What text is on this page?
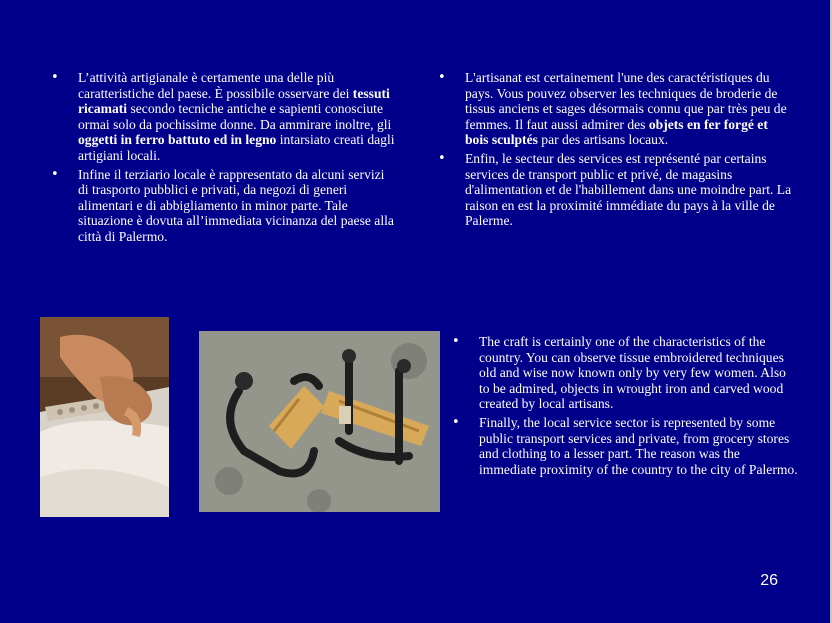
• L’attività artigianale è certamente una delle più caratteristiche del paese. È possibile osservare dei tessuti ricamati secondo tecniche antiche e sapienti conosciute ormai solo da pochissime donne. Da ammirare inoltre, gli oggetti in ferro battuto ed in legno intarsiato creati dagli artigiani locali.
• Infine il terziario locale è rappresentato da alcuni servizi di trasporto pubblici e privati, da negozi di generi alimentari e di abbigliamento in minor parte. Tale situazione è dovuta all’immediata vicinanza del paese alla città di Palermo.
• L'artisanat est certainement l'une des caractéristiques du pays. Vous pouvez observer les techniques de broderie de tissus anciens et sages désormais connu que par très peu de femmes. Il faut aussi admirer des objets en fer forgé et bois sculptés par des artisans locaux.
• Enfin, le secteur des services est représenté par certains services de transport public et privé, de magasins d'alimentation et de l'habillement dans une moindre part. La raison en est la proximité immédiate du pays à la ville de Palerme.
• The craft is certainly one of the characteristics of the country. You can observe tissue embroidered techniques old and wise now known only by very few women. Also to be admired, objects in wrought iron and carved wood created by local artisans.
• Finally, the local service sector is represented by some public transport services and private, from grocery stores and clothing to a lesser part. The reason was the immediate proximity of the country to the city of Palermo.
26
